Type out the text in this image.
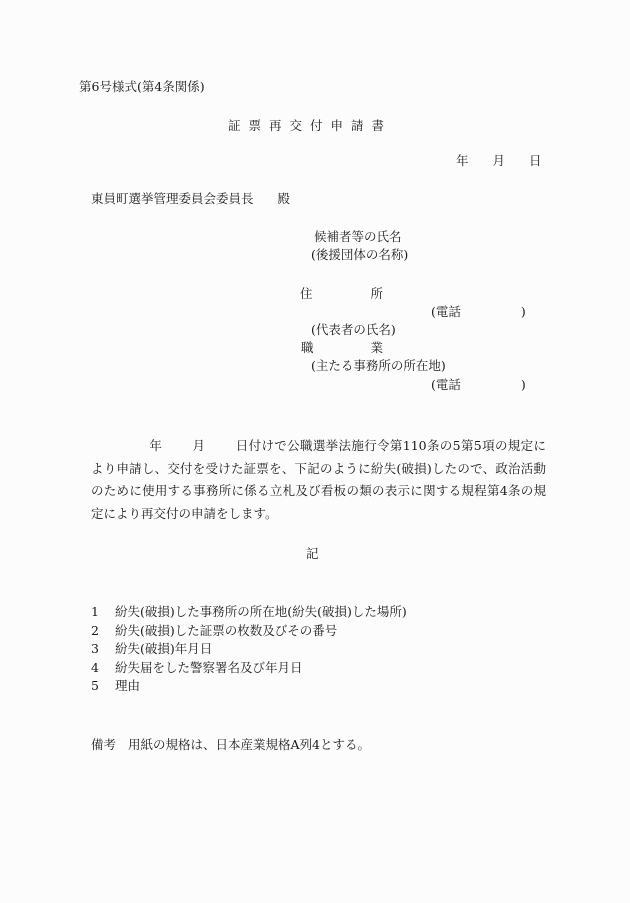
第6号様式(第4条関係)
証票再交付申請書
年 月 日
東員町選挙管理委員会委員長 殿
候補者等の氏名
(後援団体の名称)
住	所
(電話	)
(代表者の氏名)
職	業
(主たる事務所の所在地)
(電話	)
年 月 日付けで公職選挙法施行令第110条の5第5項の規定により申請し、交付を受けた証票を、下記のように紛失(破損)したので、政治活動のために使用する事務所に係る立札及び看板の類の表示に関する規程第4条の規定により再交付の申請をします。
記
1 紛失(破損)した事務所の所在地(紛失(破損)した場所)
2 紛失(破損)した証票の枚数及びその番号
3 紛失(破損)年月日
4 紛失届をした警察署名及び年月日
5 理由
備考 用紙の規格は、日本産業規格A列4とする。
